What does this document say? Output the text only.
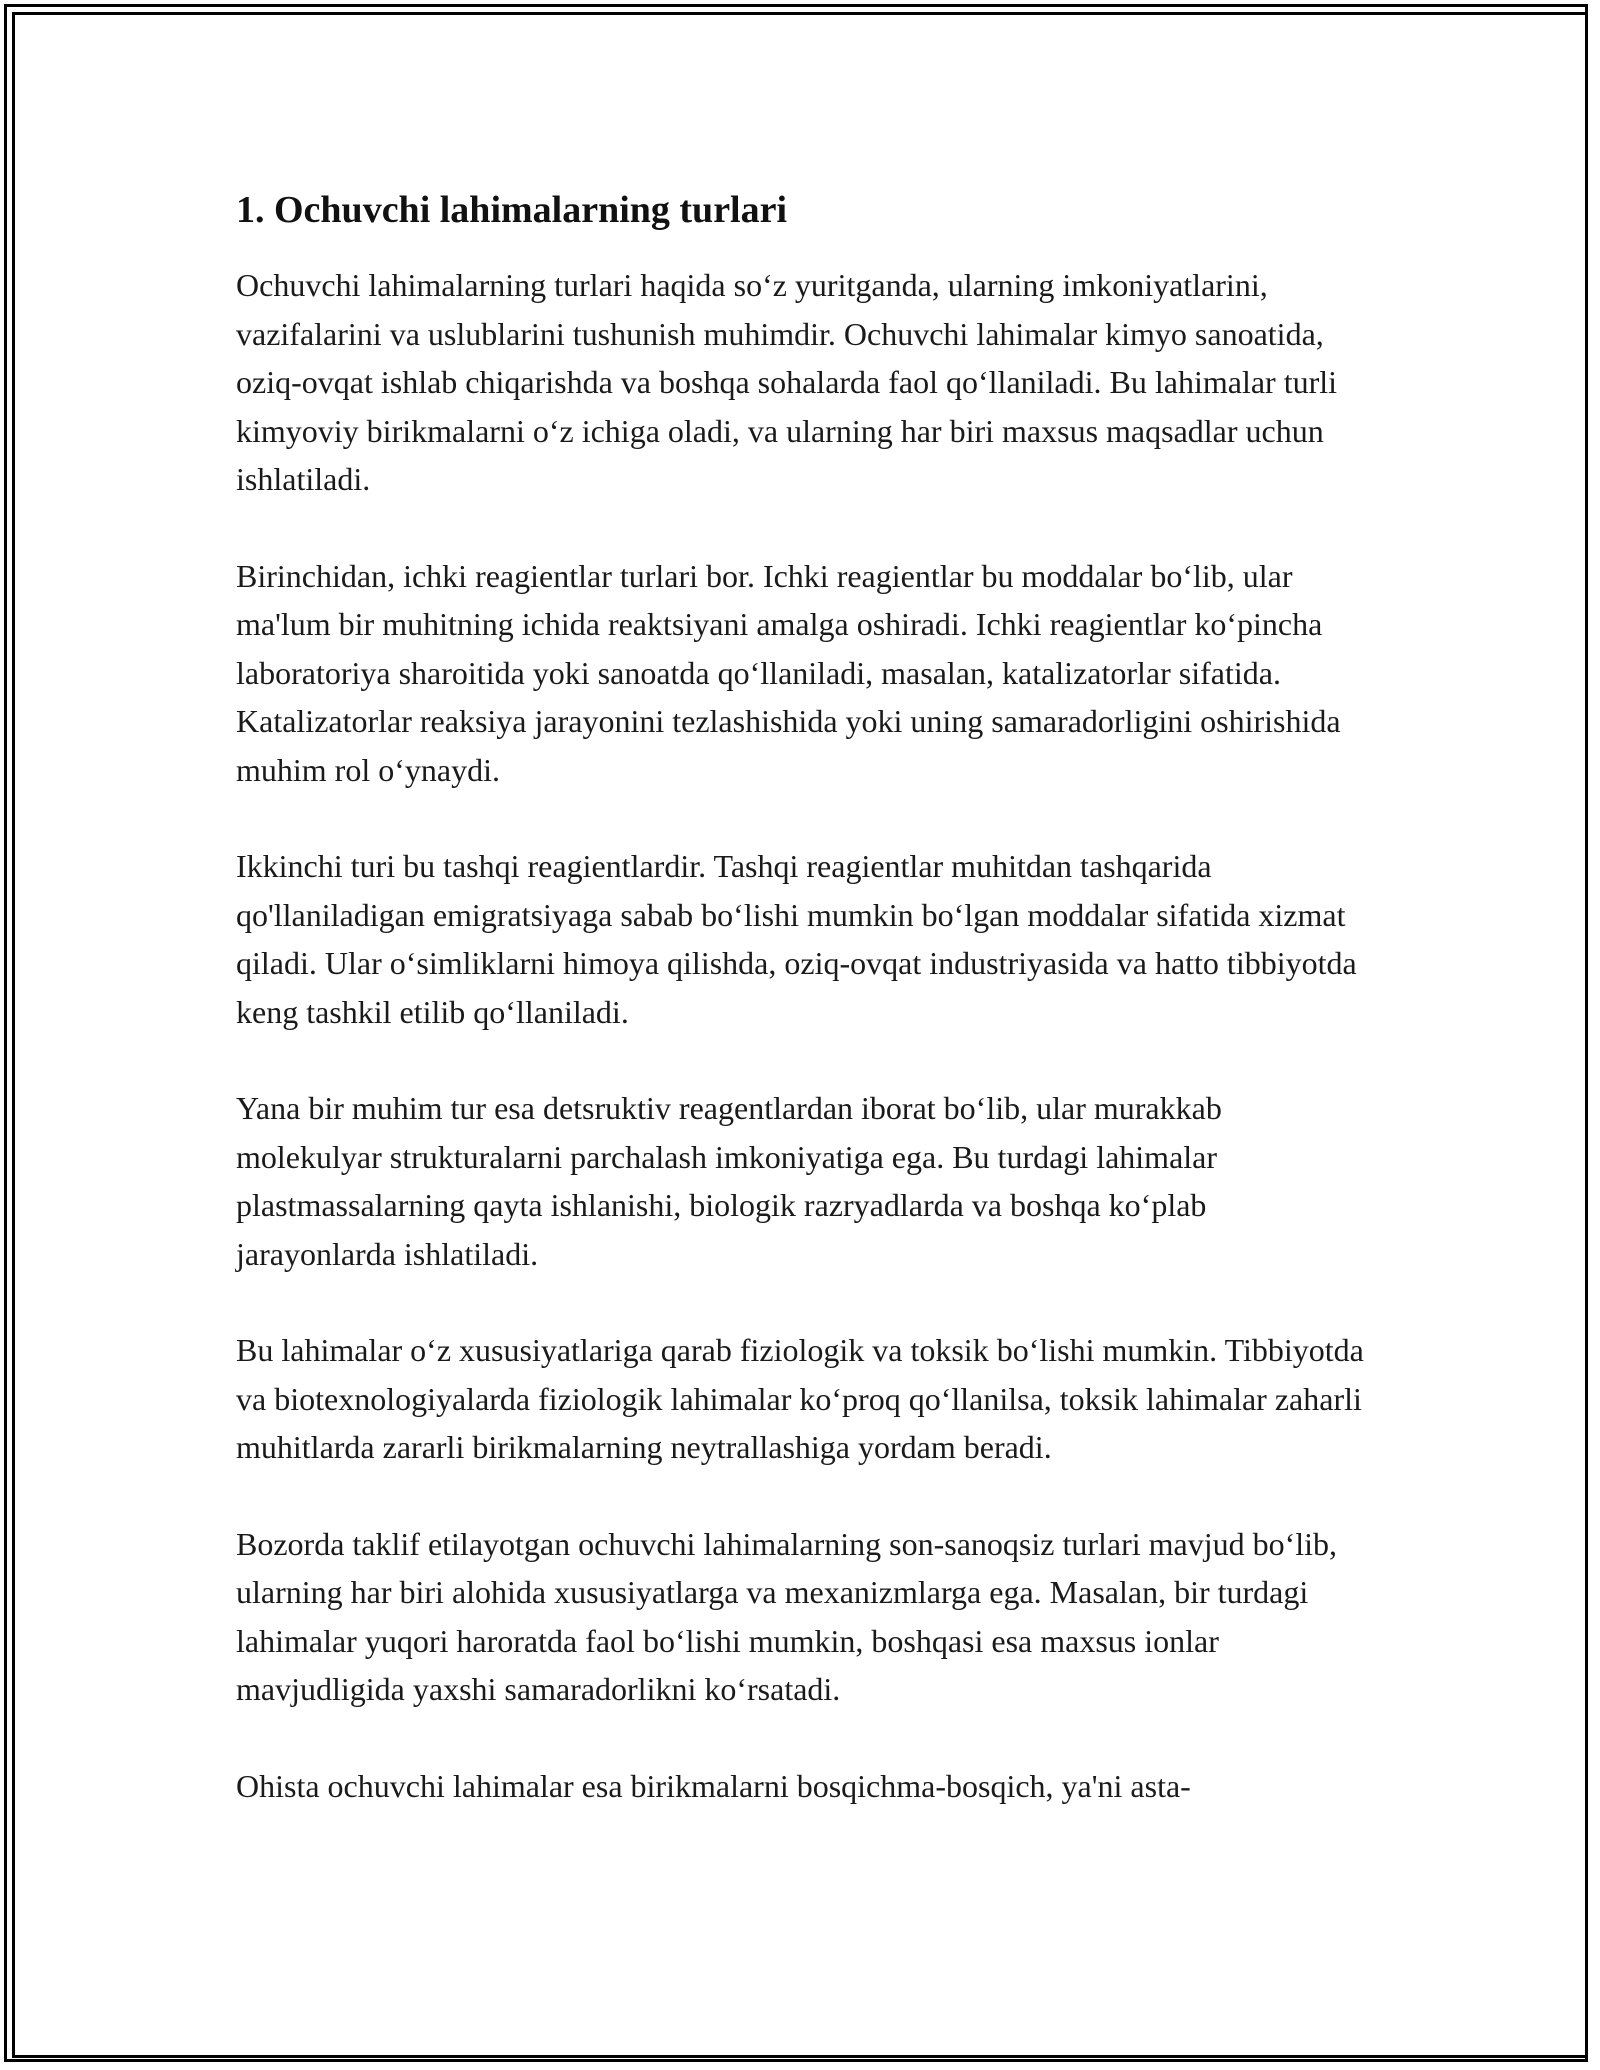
1. Ochuvchi lahimalarning turlari

Ochuvchi lahimalarning turlari haqida so‘z yuritganda, ularning imkoniyatlarini, vazifalarini va uslublarini tushunish muhimdir. Ochuvchi lahimalar kimyo sanoatida, oziq-ovqat ishlab chiqarishda va boshqa sohalarda faol qo‘llaniladi. Bu lahimalar turli kimyoviy birikmalarni o‘z ichiga oladi, va ularning har biri maxsus maqsadlar uchun ishlatiladi.

Birinchidan, ichki reagientlar turlari bor. Ichki reagientlar bu moddalar bo‘lib, ular ma'lum bir muhitning ichida reaktsiyani amalga oshiradi. Ichki reagientlar ko‘pincha laboratoriya sharoitida yoki sanoatda qo‘llaniladi, masalan, katalizatorlar sifatida. Katalizatorlar reaksiya jarayonini tezlashishida yoki uning samaradorligini oshirishida muhim rol o‘ynaydi.

Ikkinchi turi bu tashqi reagientlardir. Tashqi reagientlar muhitdan tashqarida qo'llaniladigan emigratsiyaga sabab bo‘lishi mumkin bo‘lgan moddalar sifatida xizmat qiladi. Ular o‘simliklarni himoya qilishda, oziq-ovqat industriyasida va hatto tibbiyotda keng tashkil etilib qo‘llaniladi.

Yana bir muhim tur esa detsruktiv reagentlardan iborat bo‘lib, ular murakkab molekulyar strukturalarni parchalash imkoniyatiga ega. Bu turdagi lahimalar plastmassalarning qayta ishlanishi, biologik razryadlarda va boshqa ko‘plab jarayonlarda ishlatiladi.

Bu lahimalar o‘z xususiyatlariga qarab fiziologik va toksik bo‘lishi mumkin. Tibbiyotda va biotexnologiyalarda fiziologik lahimalar ko‘proq qo‘llanilsa, toksik lahimalar zaharli muhitlarda zararli birikmalarning neytrallashiga yordam beradi.

Bozorda taklif etilayotgan ochuvchi lahimalarning son-sanoqsiz turlari mavjud bo‘lib, ularning har biri alohida xususiyatlarga va mexanizmlarga ega. Masalan, bir turdagi lahimalar yuqori haroratda faol bo‘lishi mumkin, boshqasi esa maxsus ionlar mavjudligida yaxshi samaradorlikni ko‘rsatadi.

Ohista ochuvchi lahimalar esa birikmalarni bosqichma-bosqich, ya'ni asta-
